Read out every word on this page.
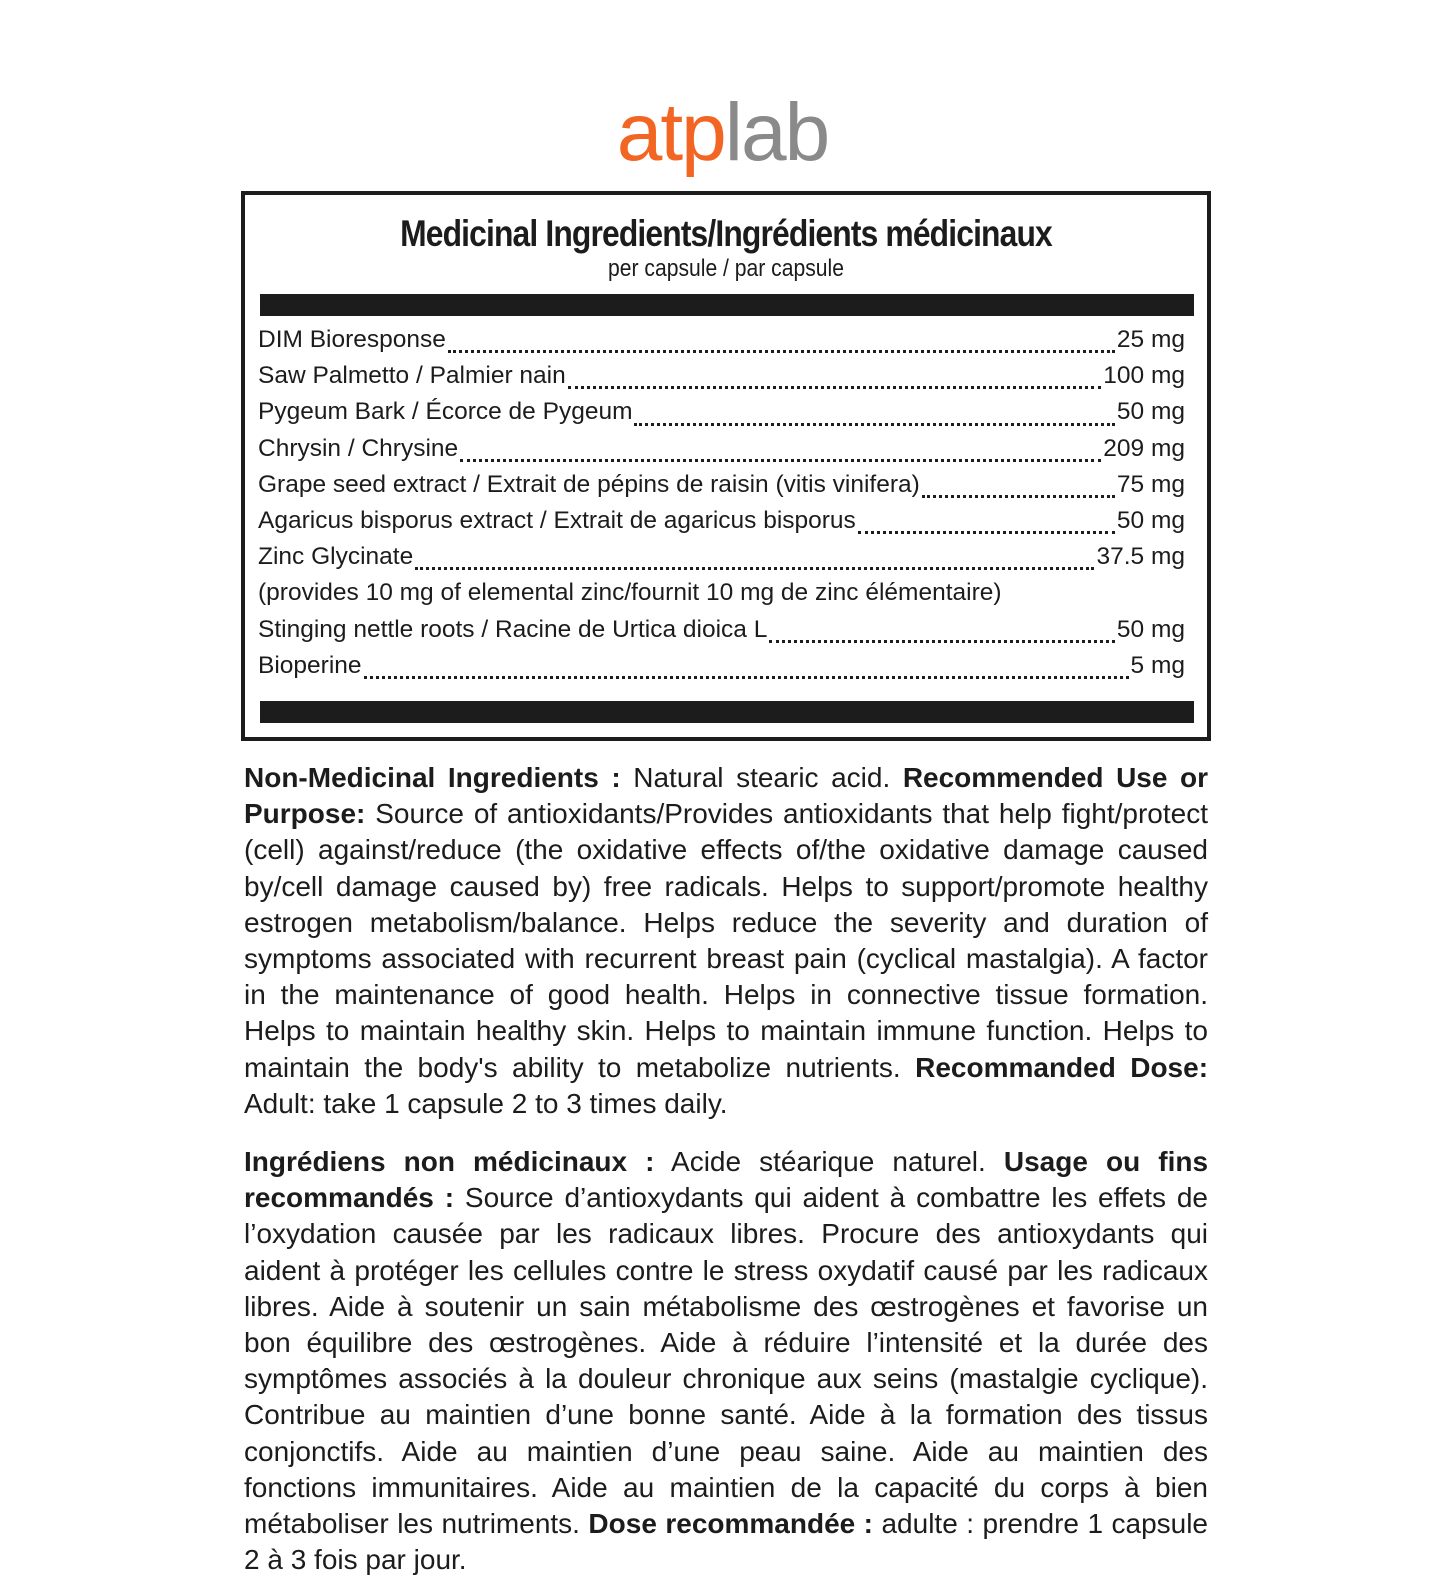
atplab
Medicinal Ingredients/Ingrédients médicinaux
per capsule / par capsule
DIM Bioresponse	25 mg
Saw Palmetto / Palmier nain	100 mg
Pygeum Bark / Écorce de Pygeum	50 mg
Chrysin / Chrysine	209 mg
Grape seed extract / Extrait de pépins de raisin (vitis vinifera)	75 mg
Agaricus bisporus extract / Extrait de agaricus bisporus	50 mg
Zinc Glycinate	37.5 mg
(provides 10 mg of elemental zinc/fournit 10 mg de zinc élémentaire)
Stinging nettle roots / Racine de Urtica dioica L	50 mg
Bioperine	5 mg
Non-Medicinal Ingredients : Natural stearic acid. Recommended Use or Purpose: Source of antioxidants/Provides antioxidants that help fight/protect (cell) against/reduce (the oxidative effects of/the oxidative damage caused by/cell damage caused by) free radicals. Helps to support/promote healthy estrogen metabolism/balance. Helps reduce the severity and duration of symptoms associated with recurrent breast pain (cyclical mastalgia). A factor in the maintenance of good health. Helps in connective tissue formation. Helps to maintain healthy skin. Helps to maintain immune function. Helps to maintain the body's ability to metabolize nutrients. Recommanded Dose: Adult: take 1 capsule 2 to 3 times daily.
Ingrédiens non médicinaux : Acide stéarique naturel. Usage ou fins recommandés : Source d’antioxydants qui aident à combattre les effets de l’oxydation causée par les radicaux libres. Procure des antioxydants qui aident à protéger les cellules contre le stress oxydatif causé par les radicaux libres. Aide à soutenir un sain métabolisme des œstrogènes et favorise un bon équilibre des œstrogènes. Aide à réduire l’intensité et la durée des symptômes associés à la douleur chronique aux seins (mastalgie cyclique). Contribue au maintien d’une bonne santé. Aide à la formation des tissus conjonctifs. Aide au maintien d’une peau saine. Aide au maintien des fonctions immunitaires. Aide au maintien de la capacité du corps à bien métaboliser les nutriments. Dose recommandée : adulte : prendre 1 capsule 2 à 3 fois par jour.
